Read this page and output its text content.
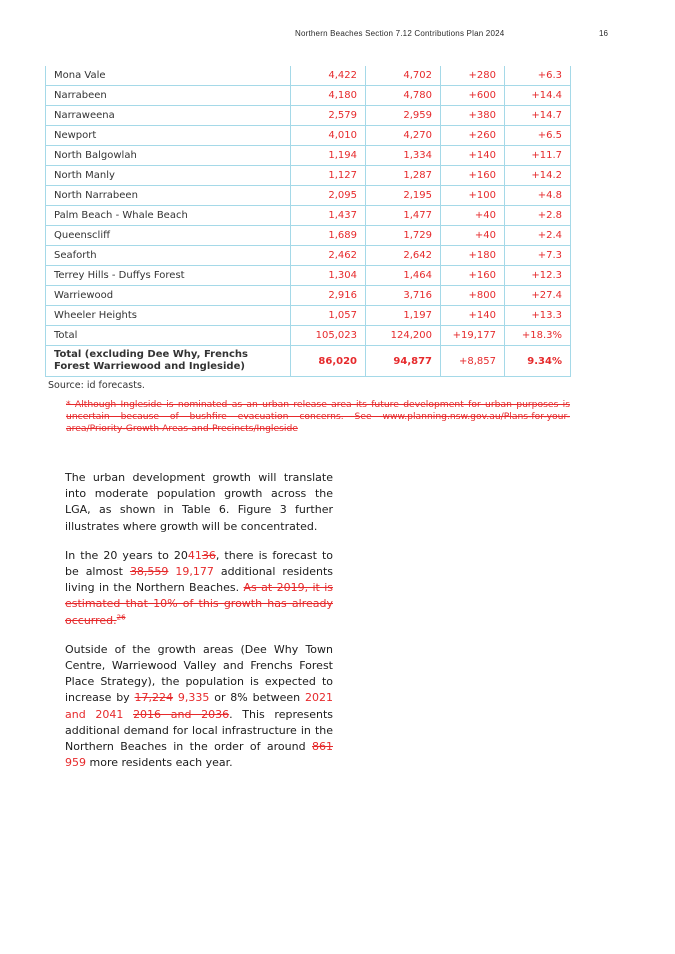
Northern Beaches Section 7.12 Contributions Plan 2024	16
Mona Vale	4,422	4,702	+280	+6.3
Narrabeen	4,180	4,780	+600	+14.4
Narraweena	2,579	2,959	+380	+14.7
Newport	4,010	4,270	+260	+6.5
North Balgowlah	1,194	1,334	+140	+11.7
North Manly	1,127	1,287	+160	+14.2
North Narrabeen	2,095	2,195	+100	+4.8
Palm Beach - Whale Beach	1,437	1,477	+40	+2.8
Queenscliff	1,689	1,729	+40	+2.4
Seaforth	2,462	2,642	+180	+7.3
Terrey Hills - Duffys Forest	1,304	1,464	+160	+12.3
Warriewood	2,916	3,716	+800	+27.4
Wheeler Heights	1,057	1,197	+140	+13.3
Total	105,023	124,200	+19,177	+18.3%
Total (excluding Dee Why, Frenchs Forest Warriewood and Ingleside)	86,020	94,877	+8,857	9.34%
Source: id forecasts.
* Although Ingleside is nominated as an urban release area its future development for urban purposes is uncertain because of bushfire evacuation concerns. See www.planning.nsw.gov.au/Plans-for-your-area/Priority-Growth-Areas-and-Precincts/Ingleside

The urban development growth will translate into moderate population growth across the LGA, as shown in Table 6. Figure 3 further illustrates where growth will be concentrated.

In the 20 years to 204136, there is forecast to be almost 38,559 19,177 additional residents living in the Northern Beaches. As at 2019, it is estimated that 10% of this growth has already occurred.$^{26}$

Outside of the growth areas (Dee Why Town Centre, Warriewood Valley and Frenchs Forest Place Strategy), the population is expected to increase by 17,224 9,335 or 8% between 2021 and 2041 2016 and 2036. This represents additional demand for local infrastructure in the Northern Beaches in the order of around 861 959 more residents each year.
